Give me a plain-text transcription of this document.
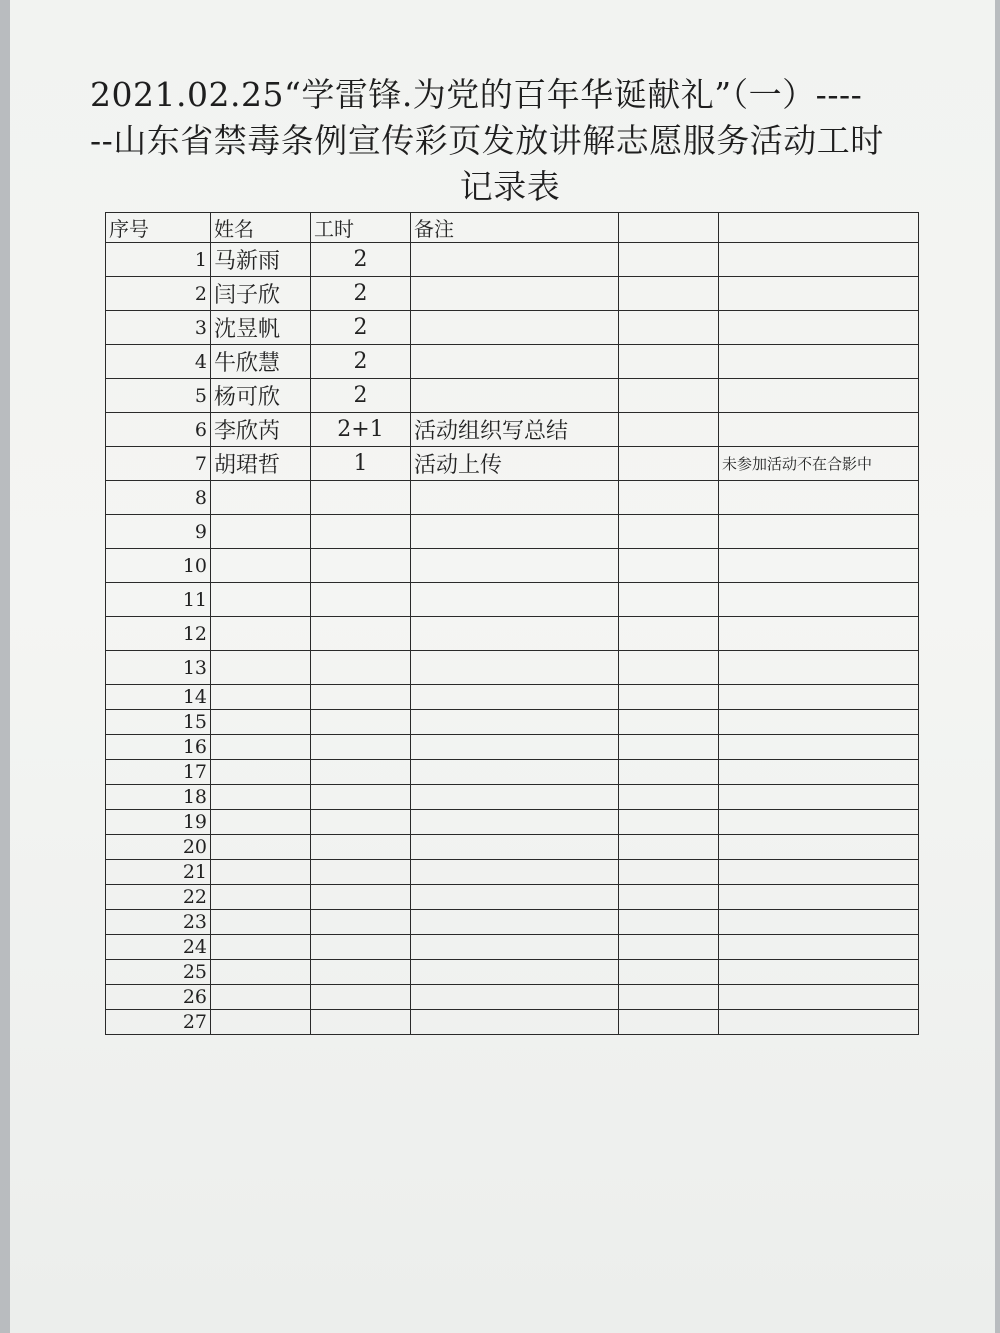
2021.02.25“学雷锋.为党的百年华诞献礼”（一）----
--山东省禁毒条例宣传彩页发放讲解志愿服务活动工时
记录表
序号	姓名	工时	备注		
1	马新雨	2			
2	闫子欣	2			
3	沈昱帆	2			
4	牛欣慧	2			
5	杨可欣	2			
6	李欣芮	2+1	活动组织写总结		
7	胡珺哲	1	活动上传		未参加活动不在合影中
8					
9					
10					
11					
12					
13					
14					
15					
16					
17					
18					
19					
20					
21					
22					
23					
24					
25					
26					
27					
